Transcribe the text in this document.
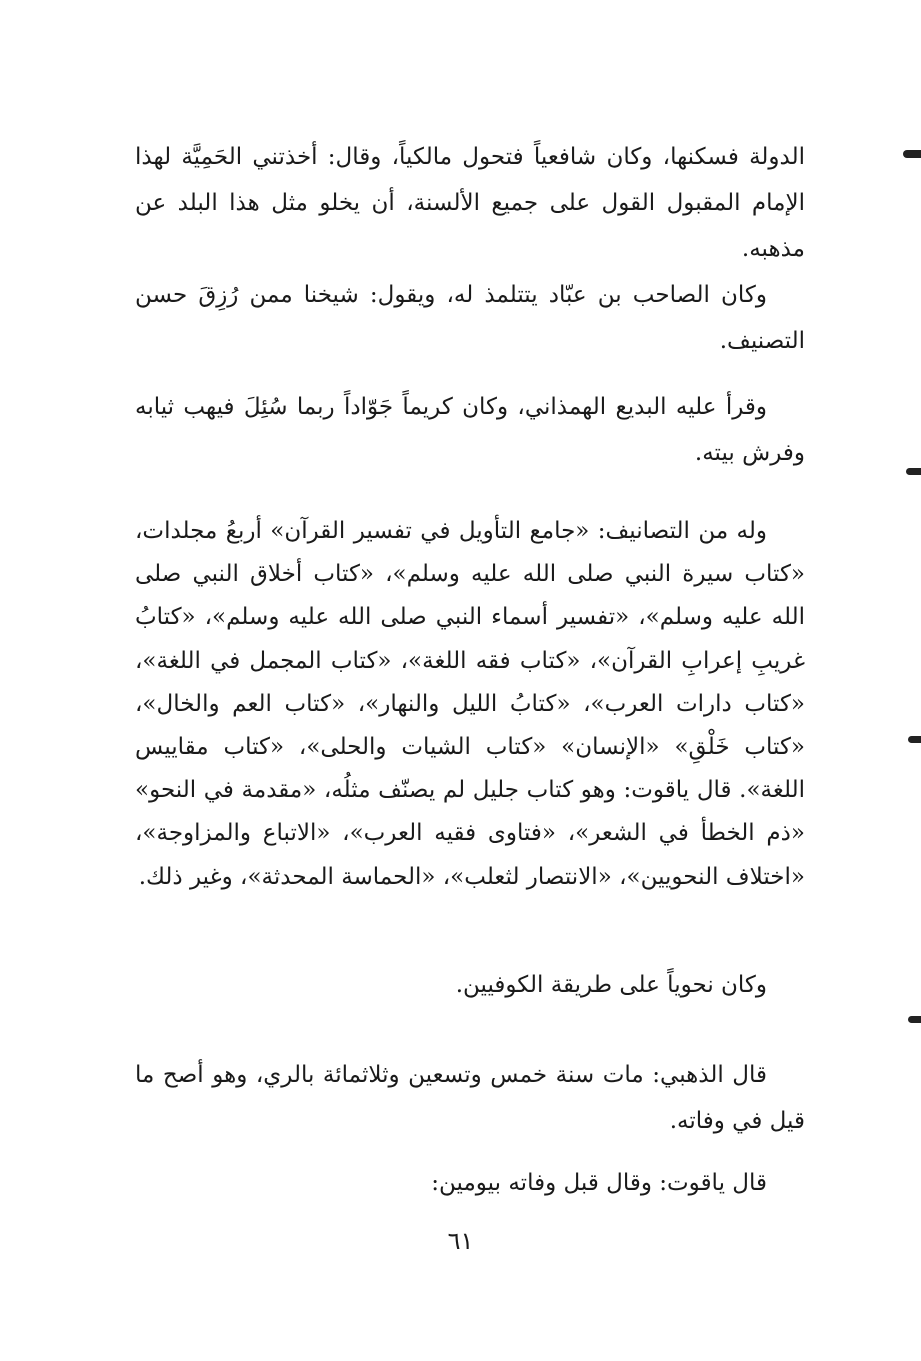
الدولة فسكنها، وكان شافعياً فتحول مالكياً، وقال: أخذتني الحَمِيَّة لهذا الإمام المقبول القول على جميع الألسنة، أن يخلو مثل هذا البلد عن مذهبه.

وكان الصاحب بن عبّاد يتتلمذ له، ويقول: شيخنا ممن رُزِقَ حسن التصنيف.

وقرأ عليه البديع الهمذاني، وكان كريماً جَوّاداً ربما سُئِلَ فيهب ثيابه وفرش بيته.

وله من التصانيف: «جامع التأويل في تفسير القرآن» أربعُ مجلدات، «كتاب سيرة النبي صلى الله عليه وسلم»، «كتاب أخلاق النبي صلى الله عليه وسلم»، «تفسير أسماء النبي صلى الله عليه وسلم»، «كتابُ غريبِ إعرابِ القرآن»، «كتاب فقه اللغة»، «كتاب المجمل في اللغة»، «كتاب دارات العرب»، «كتابُ الليل والنهار»، «كتاب العم والخال»، «كتاب خَلْقِ» «الإنسان» «كتاب الشيات والحلى»، «كتاب مقاييس اللغة». قال ياقوت: وهو كتاب جليل لم يصنّف مثلُه، «مقدمة في النحو» «ذم الخطأ في الشعر»، «فتاوى فقيه العرب»، «الاتباع والمزاوجة»، «اختلاف النحويين»، «الانتصار لثعلب»، «الحماسة المحدثة»، وغير ذلك.

وكان نحوياً على طريقة الكوفيين.

قال الذهبي: مات سنة خمس وتسعين وثلاثمائة بالري، وهو أصح ما قيل في وفاته.

قال ياقوت: وقال قبل وفاته بيومين:

٦١
